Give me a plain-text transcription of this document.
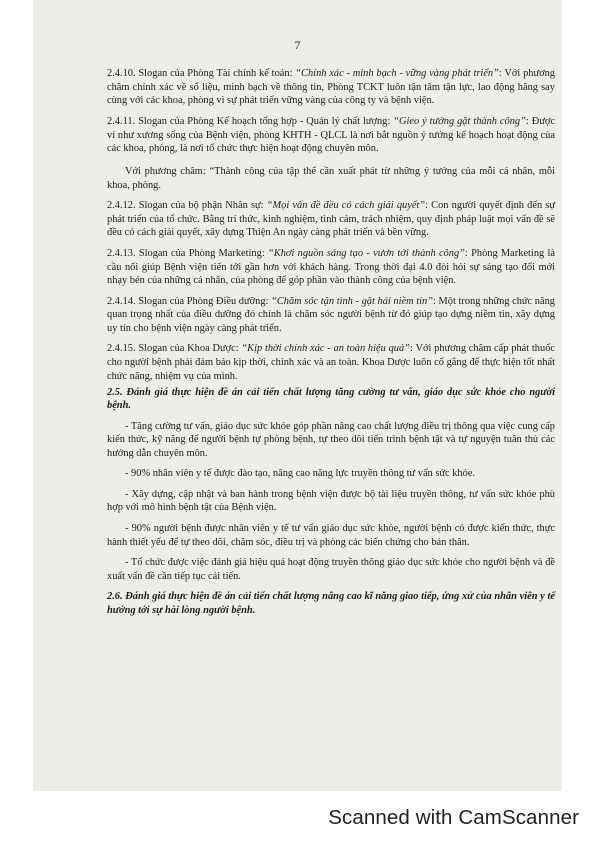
7

2.4.10. Slogan của Phòng Tài chính kế toán: “Chính xác - minh bạch - vững vàng phát triển”: Với phương châm chính xác về số liệu, minh bạch về thông tin, Phòng TCKT luôn tận tâm tận lực, lao động hăng say cùng với các khoa, phòng vì sự phát triển vững vàng của công ty và bệnh viện.

2.4.11. Slogan của Phòng Kế hoạch tổng hợp - Quản lý chất lượng: “Gieo ý tưởng gặt thành công”: Được ví như xương sống của Bệnh viện, phòng KHTH - QLCL là nơi bắt nguồn ý tưởng kế hoạch hoạt động của các khoa, phòng, là nơi tổ chức thực hiện hoạt động chuyên môn.

Với phương châm: “Thành công của tập thể cần xuất phát từ những ý tưởng của mỗi cá nhân, mỗi khoa, phòng.

2.4.12. Slogan của bộ phận Nhân sự: “Mọi vấn đề đều có cách giải quyết”: Con người quyết định đến sự phát triển của tổ chức. Bằng trí thức, kinh nghiệm, tình cảm, trách nhiệm, quy định pháp luật mọi vấn đề sẽ đều có cách giải quyết, xây dựng Thiện An ngày càng phát triển và bền vững.

2.4.13. Slogan của Phòng Marketing: “Khơi nguồn sáng tạo - vươn tới thành công”: Phòng Marketing là cầu nối giúp Bệnh viện tiến tới gần hơn với khách hàng. Trong thời đại 4.0 đòi hỏi sự sáng tạo đổi mới nhạy bén của những cá nhân, của phòng để góp phần vào thành công của bệnh viện.

2.4.14. Slogan của Phòng Điều dưỡng: “Chăm sóc tận tình - gặt hái niềm tin”: Một trong những chức năng quan trọng nhất của điều dưỡng đó chính là chăm sóc người bệnh từ đó giúp tạo dựng niềm tin, xây dựng uy tín cho bệnh viện ngày càng phát triển.

2.4.15. Slogan của Khoa Dược: “Kịp thời chính xác - an toàn hiệu quả”: Với phương châm cấp phát thuốc cho người bệnh phải đảm bảo kịp thời, chính xác và an toàn. Khoa Dược luôn cố gắng để thực hiện tốt nhất chức năng, nhiệm vụ của mình.

2.5. Đánh giá thực hiện đề án cải tiến chất lượng tăng cường tư vấn, giáo dục sức khỏe cho người bệnh.

- Tăng cường tư vấn, giáo dục sức khỏe góp phần nâng cao chất lượng điều trị thông qua việc cung cấp kiến thức, kỹ năng để người bệnh tự phòng bệnh, tự theo dõi tiến trình bệnh tật và tự nguyện tuân thủ các hướng dẫn chuyên môn.

- 90% nhân viên y tế được đào tạo, nâng cao năng lực truyền thông tư vấn sức khỏe.

- Xây dựng, cập nhật và ban hành trong bệnh viện được bộ tài liệu truyền thông, tư vấn sức khỏe phù hợp với mô hình bệnh tật của Bệnh viện.

- 90% người bệnh được nhân viên y tế tư vấn giáo dục sức khỏe, người bệnh có được kiến thức, thực hành thiết yếu để tự theo dõi, chăm sóc, điều trị và phòng các biến chứng cho bản thân.

- Tổ chức được việc đánh giá hiệu quả hoạt động truyền thông giáo dục sức khỏe cho người bệnh và đề xuất vấn đề cần tiếp tục cải tiến.

2.6. Đánh giá thực hiện đề án cải tiến chất lượng nâng cao kĩ năng giao tiếp, ứng xử của nhân viên y tế hướng tới sự hài lòng người bệnh.

Scanned with CamScanner
